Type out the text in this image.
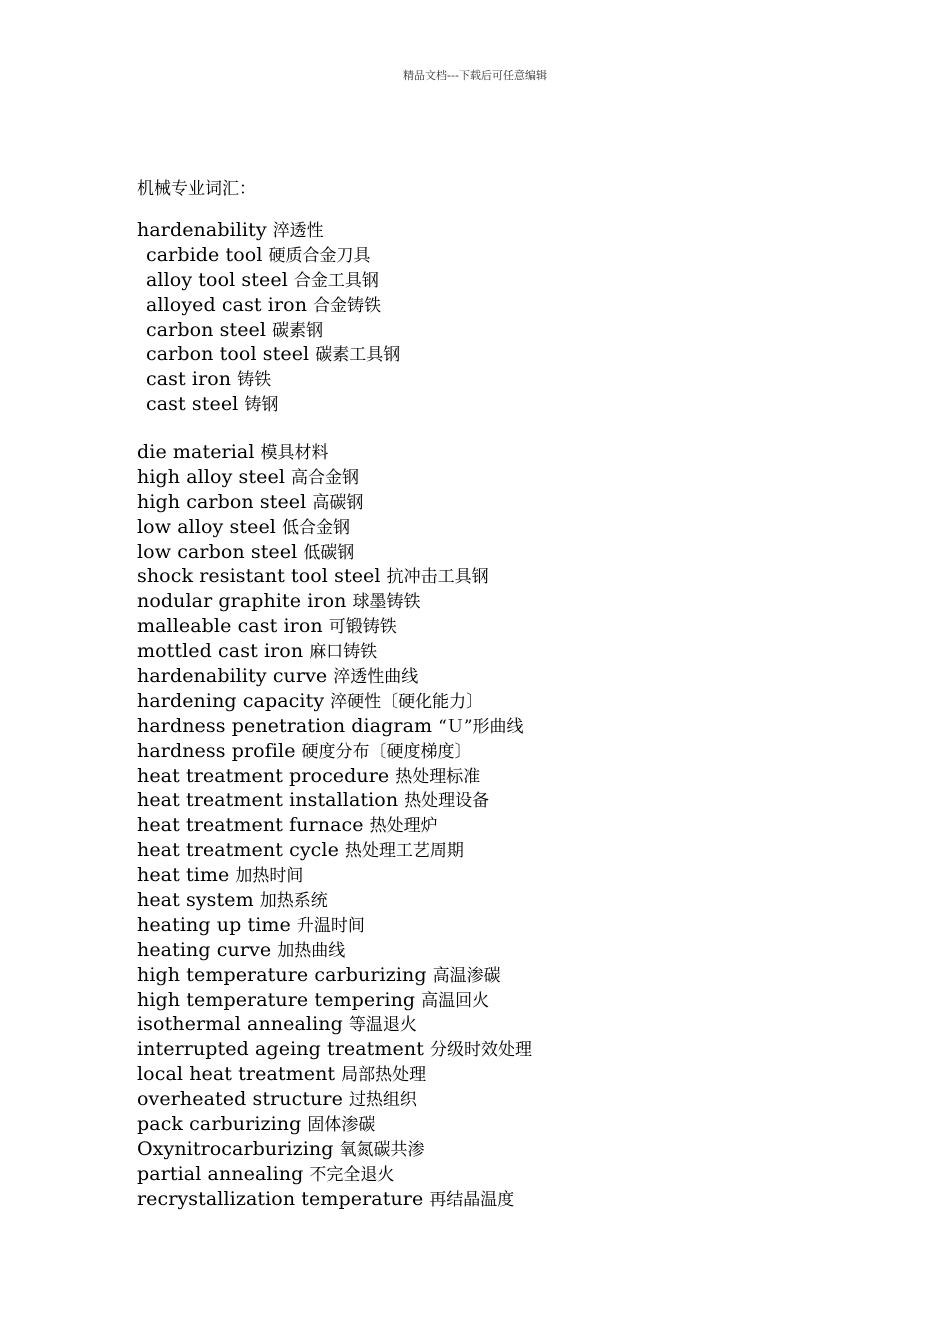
精品文档---下载后可任意编辑
机械专业词汇：
hardenability 淬透性
carbide tool 硬质合金刀具
alloy tool steel 合金工具钢
alloyed cast iron 合金铸铁
carbon steel 碳素钢
carbon tool steel 碳素工具钢
cast iron 铸铁
cast steel 铸钢
die material 模具材料
high alloy steel 高合金钢
high carbon steel 高碳钢
low alloy steel 低合金钢
low carbon steel 低碳钢
shock resistant tool steel 抗冲击工具钢
nodular graphite iron 球墨铸铁
malleable cast iron 可锻铸铁
mottled cast iron 麻口铸铁
hardenability curve 淬透性曲线
hardening capacity 淬硬性〔硬化能力〕
hardness penetration diagram “Ｕ”形曲线
hardness profile 硬度分布〔硬度梯度〕
heat treatment procedure 热处理标准
heat treatment installation 热处理设备
heat treatment furnace 热处理炉
heat treatment cycle 热处理工艺周期
heat time 加热时间
heat system 加热系统
heating up time 升温时间
heating curve 加热曲线
high temperature carburizing 高温渗碳
high temperature tempering 高温回火
isothermal annealing 等温退火
interrupted ageing treatment 分级时效处理
local heat treatment 局部热处理
overheated structure 过热组织
pack carburizing 固体渗碳
Oxynitrocarburizing 氧氮碳共渗
partial annealing 不完全退火
recrystallization temperature 再结晶温度
